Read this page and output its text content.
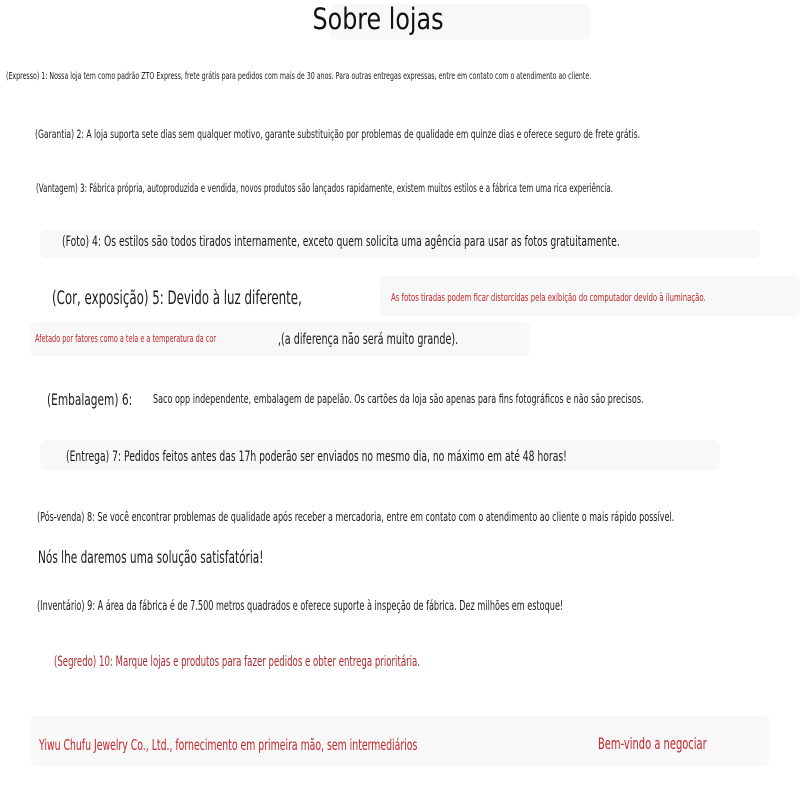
Sobre lojas
(Expresso) 1: Nossa loja tem como padrão ZTO Express, frete grátis para pedidos com mais de 30 anos. Para outras entregas expressas, entre em contato com o atendimento ao cliente.
(Garantia) 2: A loja suporta sete dias sem qualquer motivo, garante substituição por problemas de qualidade em quinze dias e oferece seguro de frete grátis.
(Vantagem) 3: Fábrica própria, autoproduzida e vendida, novos produtos são lançados rapidamente, existem muitos estilos e a fábrica tem uma rica experiência.
(Foto) 4: Os estilos são todos tirados internamente, exceto quem solicita uma agência para usar as fotos gratuitamente.
(Cor, exposição) 5: Devido à luz diferente,	As fotos tiradas podem ficar distorcidas pela exibição do computador devido à iluminação.
Afetado por fatores como a tela e a temperatura da cor	,(a diferença não será muito grande).
(Embalagem) 6: Saco opp independente, embalagem de papelão. Os cartões da loja são apenas para fins fotográficos e não são precisos.
(Entrega) 7: Pedidos feitos antes das 17h poderão ser enviados no mesmo dia, no máximo em até 48 horas!
(Pós-venda) 8: Se você encontrar problemas de qualidade após receber a mercadoria, entre em contato com o atendimento ao cliente o mais rápido possível.
Nós lhe daremos uma solução satisfatória!
(Inventário) 9: A área da fábrica é de 7.500 metros quadrados e oferece suporte à inspeção de fábrica. Dez milhões em estoque!
(Segredo) 10: Marque lojas e produtos para fazer pedidos e obter entrega prioritária.
Yiwu Chufu Jewelry Co., Ltd., fornecimento em primeira mão, sem intermediários	Bem-vindo a negociar
